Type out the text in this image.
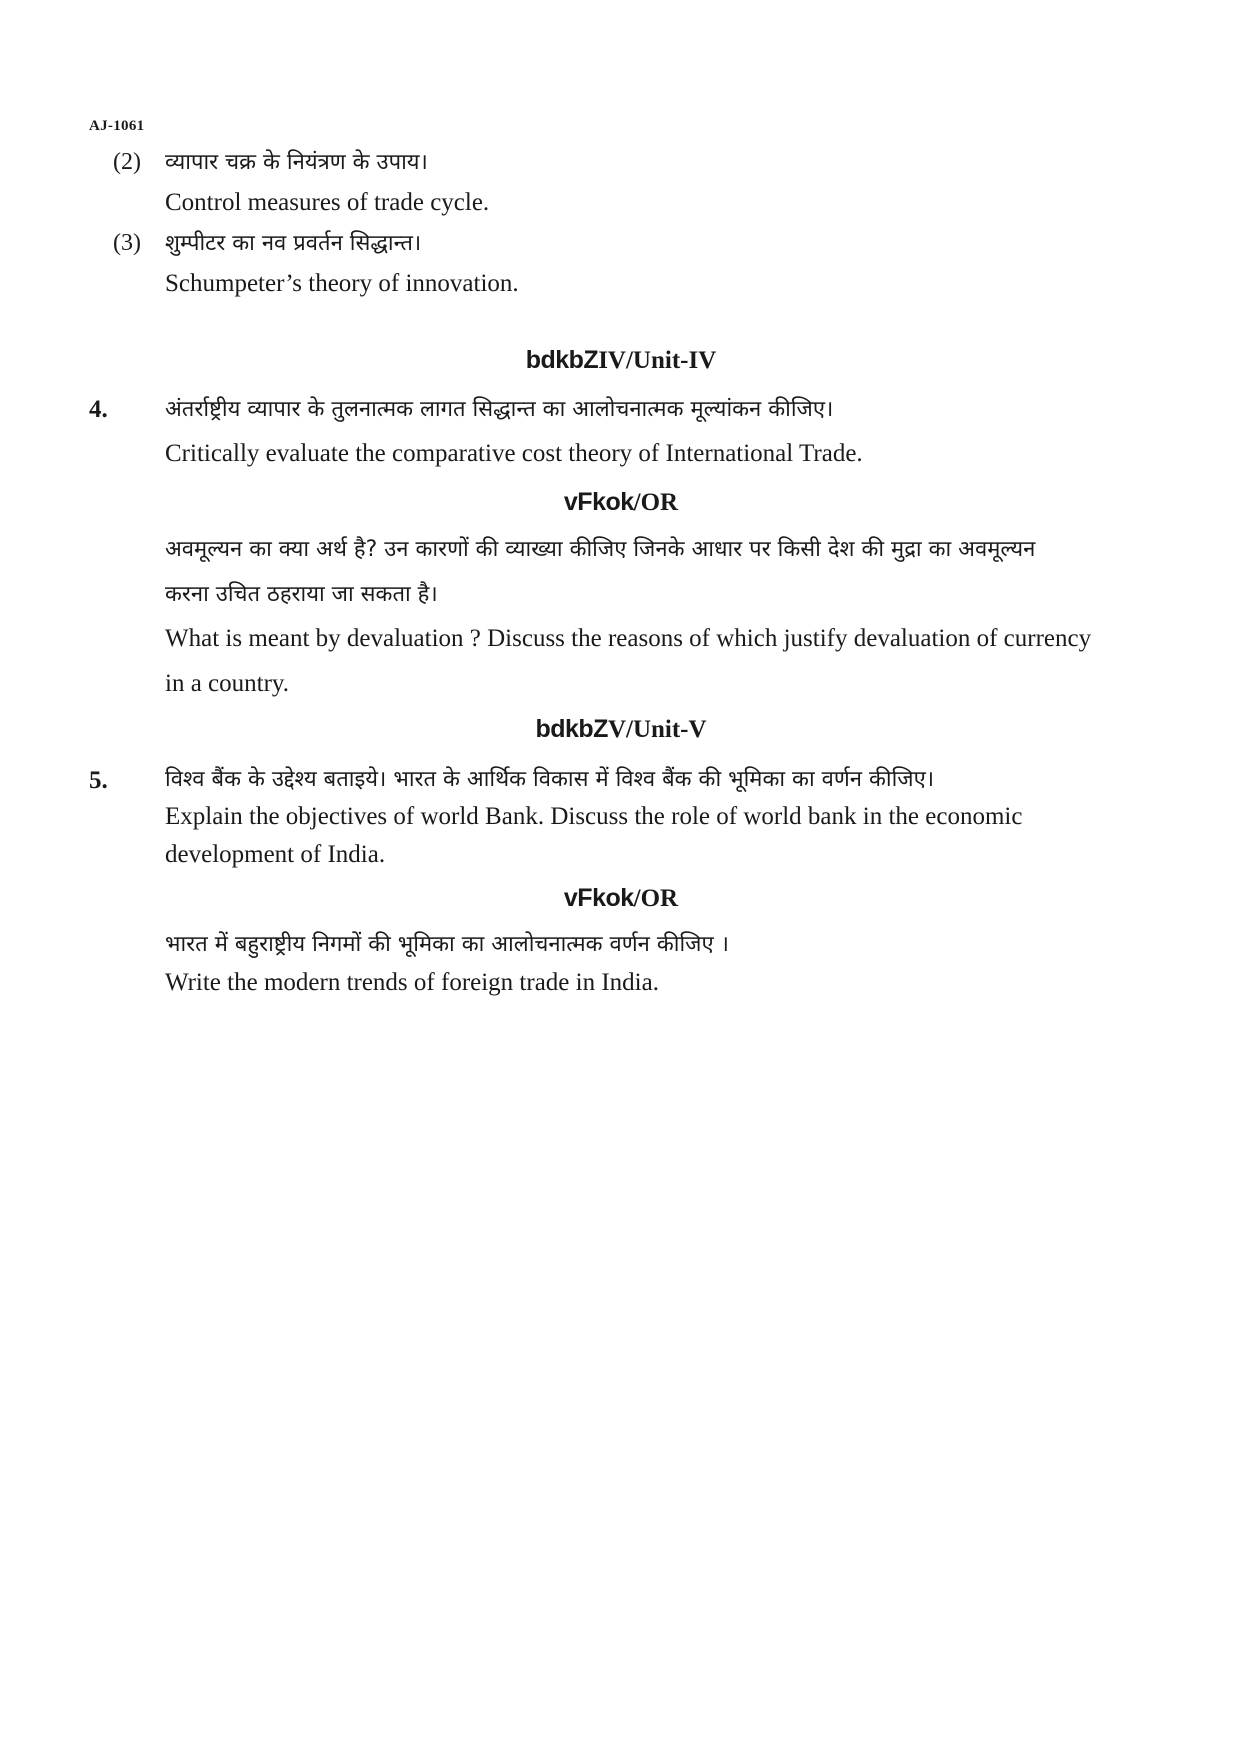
AJ-1061
(2) व्यापार चक्र के नियंत्रण के उपाय।
Control measures of trade cycle.
(3) शुम्पीटर का नव प्रवर्तन सिद्धान्त।
Schumpeter’s theory of innovation.
bdkbZIV/Unit-IV
4.	अंतर्राष्ट्रीय व्यापार के तुलनात्मक लागत सिद्धान्त का आलोचनात्मक मूल्यांकन कीजिए।
Critically evaluate the comparative cost theory of International Trade.
vFkok/OR
अवमूल्यन का क्या अर्थ है? उन कारणों की व्याख्या कीजिए जिनके आधार पर किसी देश की मुद्रा का अवमूल्यन
करना उचित ठहराया जा सकता है।
What is meant by devaluation ? Discuss the reasons of which justify devaluation of currency
in a country.
bdkbZV/Unit-V
5.	विश्व बैंक के उद्देश्य बताइये। भारत के आर्थिक विकास में विश्व बैंक की भूमिका का वर्णन कीजिए।
Explain the objectives of world Bank. Discuss the role of world bank in the economic
development of India.
vFkok/OR
भारत में बहुराष्ट्रीय निगमों की भूमिका का आलोचनात्मक वर्णन कीजिए ।
Write the modern trends of foreign trade in India.
